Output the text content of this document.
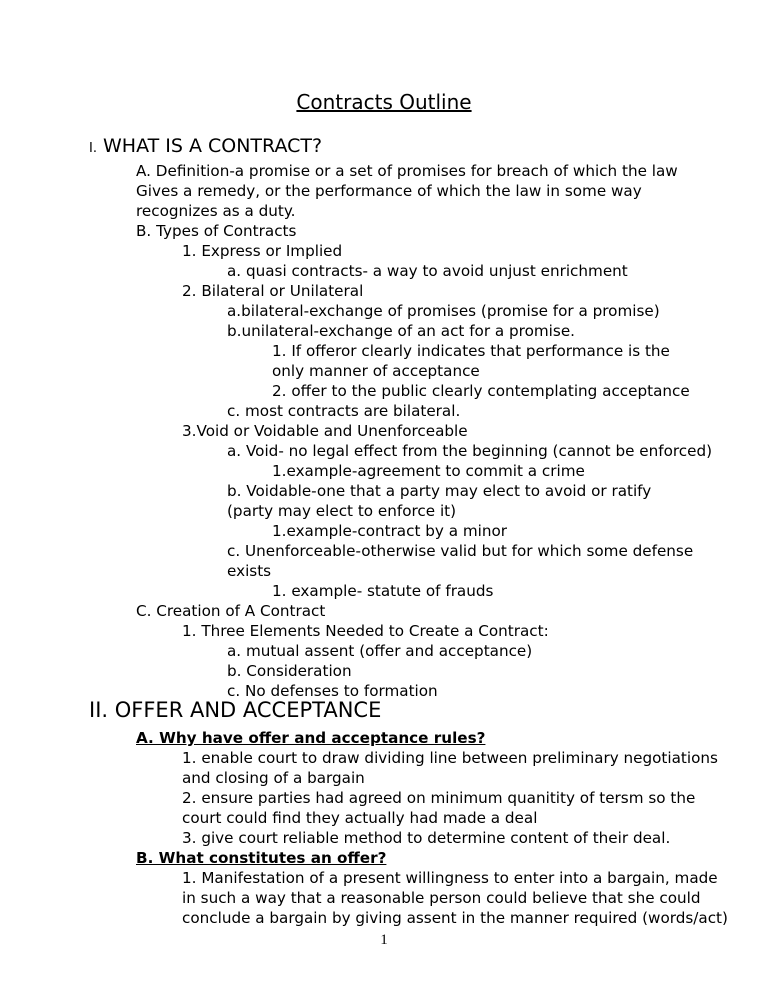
Contracts Outline
I. WHAT IS A CONTRACT?
A. Definition-a promise or a set of promises for breach of which the law
Gives a remedy, or the performance of which the law in some way
recognizes as a duty.
B. Types of Contracts
1. Express or Implied
a. quasi contracts- a way to avoid unjust enrichment
2. Bilateral or Unilateral
a.bilateral-exchange of promises (promise for a promise)
b.unilateral-exchange of an act for a promise.
1. If offeror clearly indicates that performance is the
only manner of acceptance
2. offer to the public clearly contemplating acceptance
c. most contracts are bilateral.
3.Void or Voidable and Unenforceable
a. Void- no legal effect from the beginning (cannot be enforced)
1.example-agreement to commit a crime
b. Voidable-one that a party may elect to avoid or ratify
(party may elect to enforce it)
1.example-contract by a minor
c. Unenforceable-otherwise valid but for which some defense
exists
1. example- statute of frauds
C. Creation of A Contract
1. Three Elements Needed to Create a Contract:
a. mutual assent (offer and acceptance)
b. Consideration
c. No defenses to formation
II. OFFER AND ACCEPTANCE
A. Why have offer and acceptance rules?
1. enable court to draw dividing line between preliminary negotiations
and closing of a bargain
2. ensure parties had agreed on minimum quanitity of tersm so the
court could find they actually had made a deal
3. give court reliable method to determine content of their deal.
B. What constitutes an offer?
1. Manifestation of a present willingness to enter into a bargain, made
in such a way that a reasonable person could believe that she could
conclude a bargain by giving assent in the manner required (words/act)
1
